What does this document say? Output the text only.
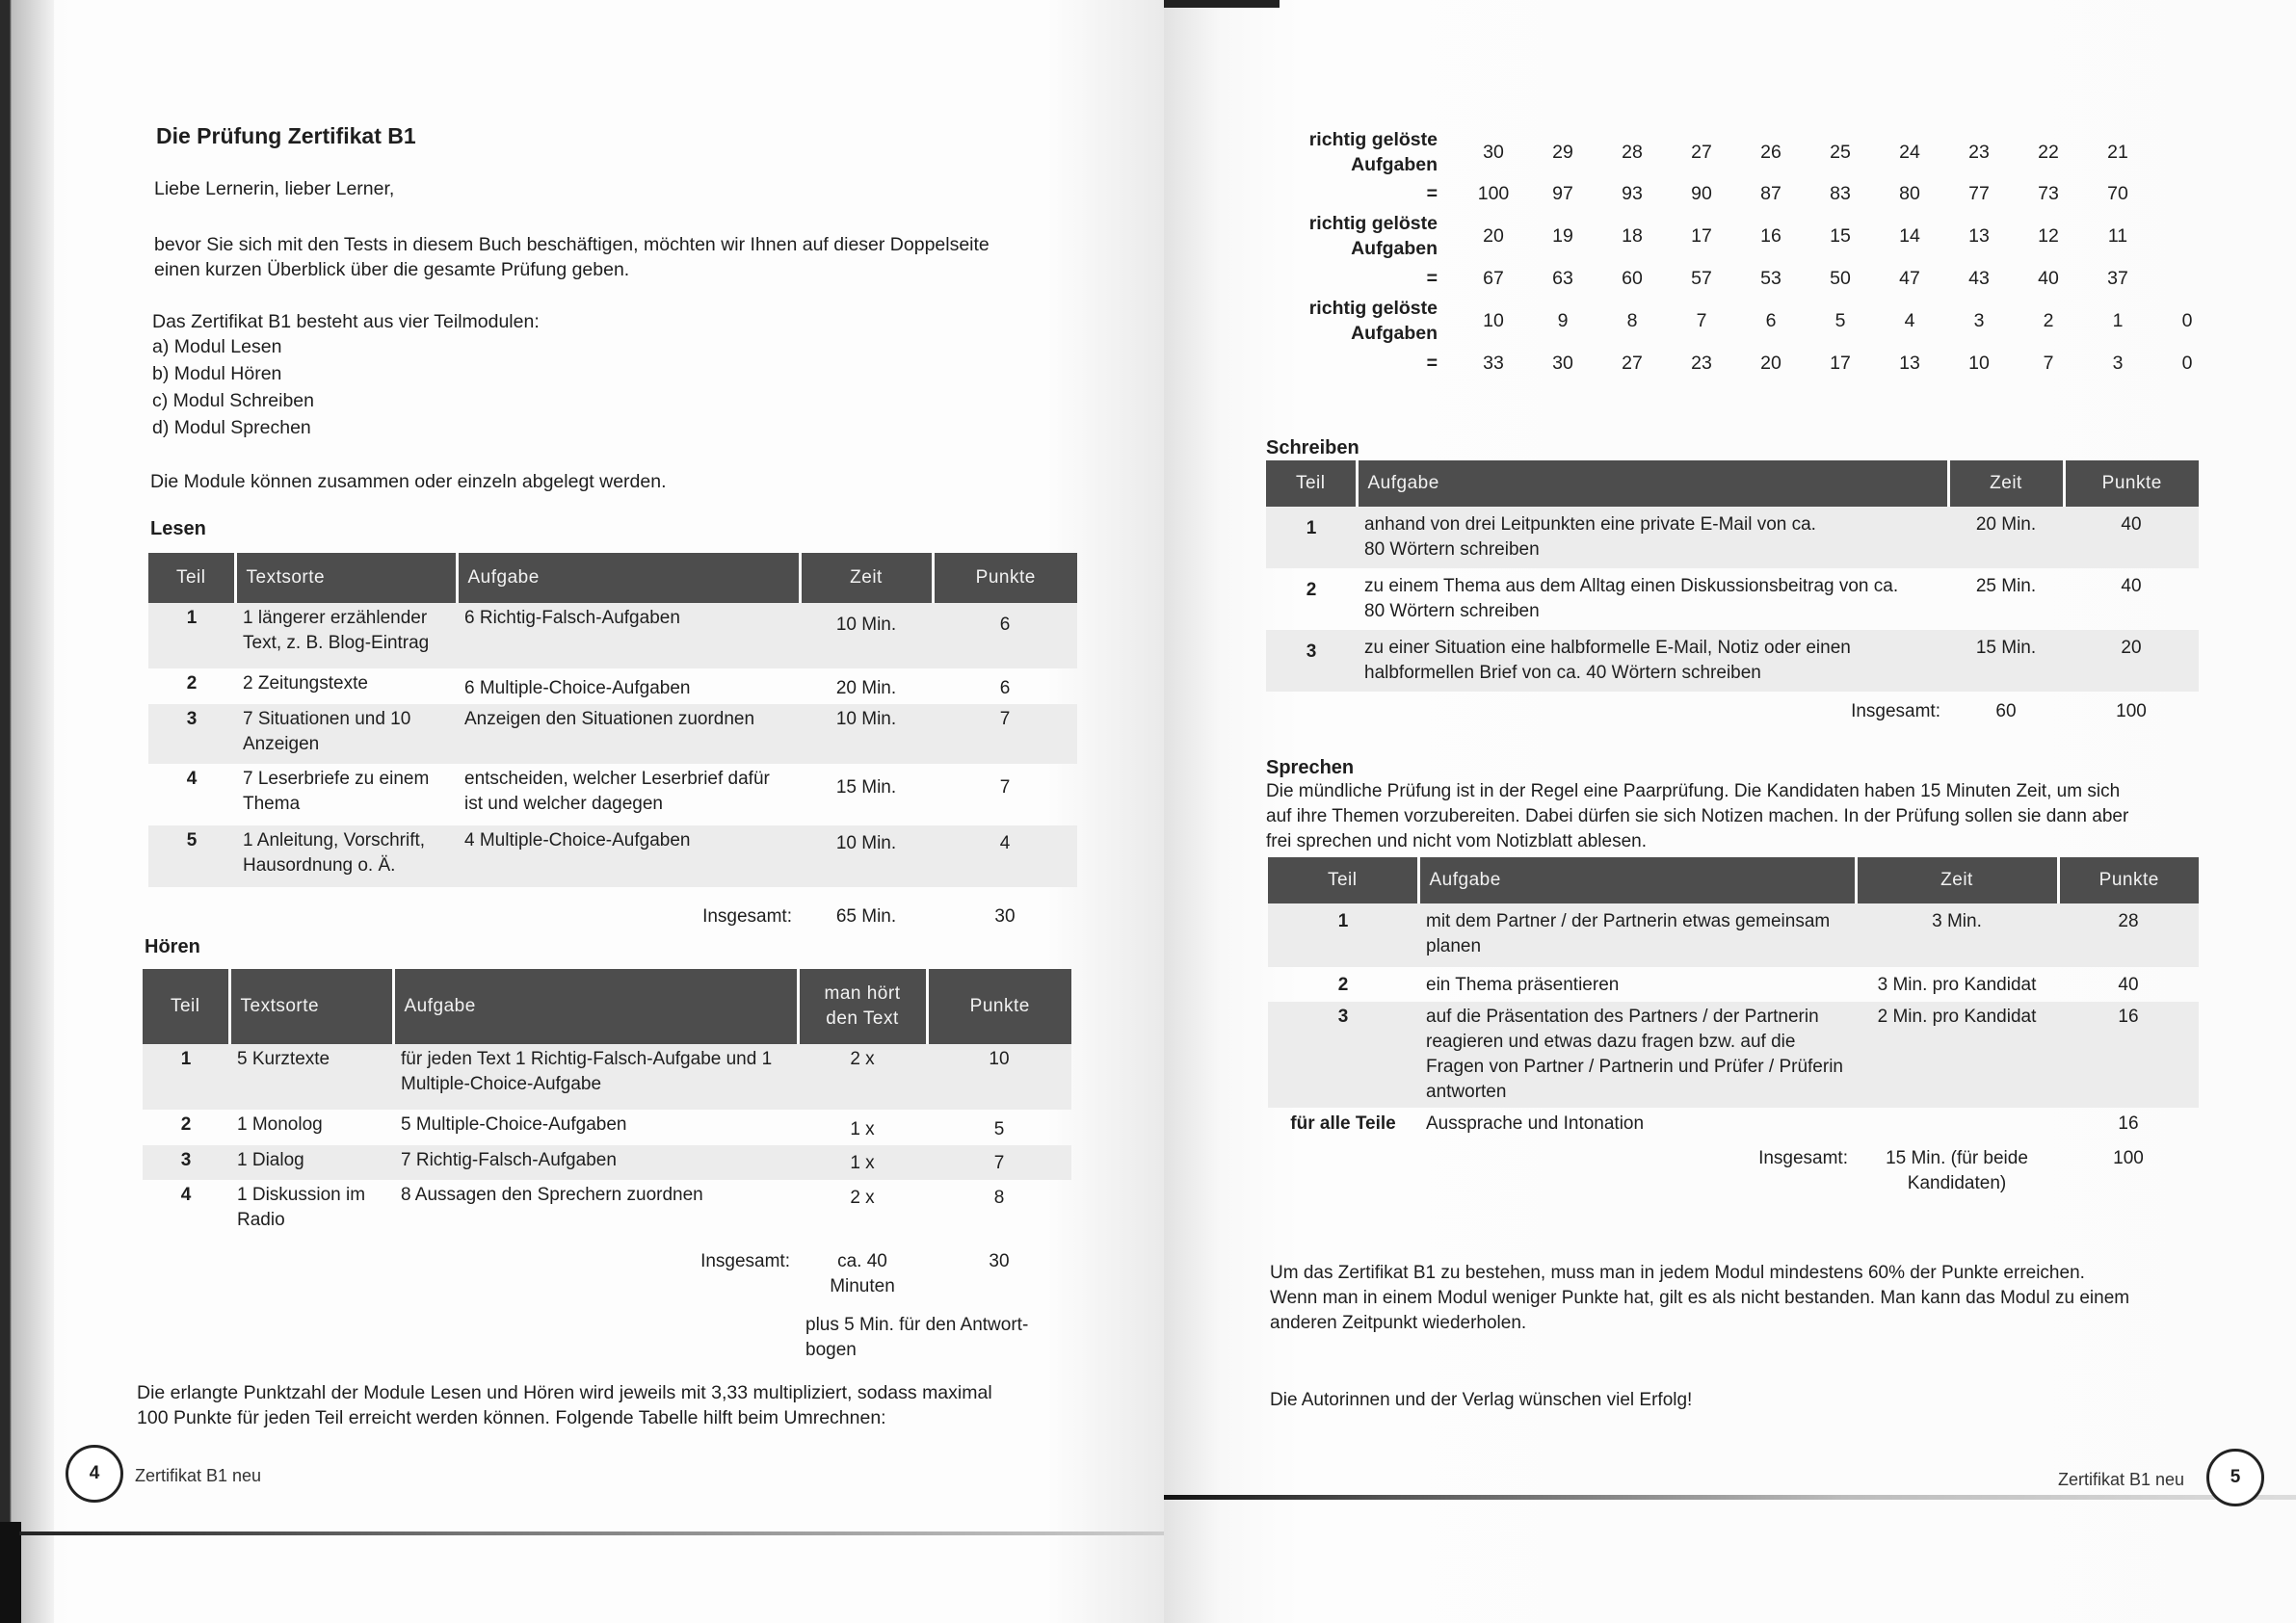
Die Prüfung Zertifikat B1
Liebe Lernerin, lieber Lerner,
bevor Sie sich mit den Tests in diesem Buch beschäftigen, möchten wir Ihnen auf dieser Doppelseite
einen kurzen Überblick über die gesamte Prüfung geben.
Das Zertifikat B1 besteht aus vier Teilmodulen:
a) Modul Lesen
b) Modul Hören
c) Modul Schreiben
d) Modul Sprechen
Die Module können zusammen oder einzeln abgelegt werden.
Lesen
Teil	Textsorte	Aufgabe	Zeit	Punkte
1	1 längerer erzählender Text, z. B. Blog-Eintrag	6 Richtig-Falsch-Aufgaben	10 Min.	6
2	2 Zeitungstexte	6 Multiple-Choice-Aufgaben	20 Min.	6
3	7 Situationen und 10 Anzeigen	Anzeigen den Situationen zuordnen	10 Min.	7
4	7 Leserbriefe zu einem Thema	entscheiden, welcher Leserbrief dafür ist und welcher dagegen	15 Min.	7
5	1 Anleitung, Vorschrift, Hausordnung o. Ä.	4 Multiple-Choice-Aufgaben	10 Min.	4
		Insgesamt:	65 Min.	30
Hören
Teil	Textsorte	Aufgabe	man hört den Text	Punkte
1	5 Kurztexte	für jeden Text 1 Richtig-Falsch-Aufgabe und 1 Multiple-Choice-Aufgabe	2 x	10
2	1 Monolog	5 Multiple-Choice-Aufgaben	1 x	5
3	1 Dialog	7 Richtig-Falsch-Aufgaben	1 x	7
4	1 Diskussion im Radio	8 Aussagen den Sprechern zuordnen	2 x	8
		Insgesamt:	ca. 40 Minuten	30
			plus 5 Min. für den Antwort-bogen	
Die erlangte Punktzahl der Module Lesen und Hören wird jeweils mit 3,33 multipliziert, sodass maximal
100 Punkte für jeden Teil erreicht werden können. Folgende Tabelle hilft beim Umrechnen:
4	Zertifikat B1 neu
richtig gelöste Aufgaben	30	29	28	27	26	25	24	23	22	21	
=	100	97	93	90	87	83	80	77	73	70	
richtig gelöste Aufgaben	20	19	18	17	16	15	14	13	12	11	
=	67	63	60	57	53	50	47	43	40	37	
richtig gelöste Aufgaben	10	9	8	7	6	5	4	3	2	1	0
=	33	30	27	23	20	17	13	10	7	3	0
Schreiben
Teil	Aufgabe	Zeit	Punkte
1	anhand von drei Leitpunkten eine private E-Mail von ca.
80 Wörtern schreiben	20 Min.	40
2	zu einem Thema aus dem Alltag einen Diskussionsbeitrag von ca.
80 Wörtern schreiben	25 Min.	40
3	zu einer Situation eine halbformelle E-Mail, Notiz oder einen
halbformellen Brief von ca. 40 Wörtern schreiben	15 Min.	20
	Insgesamt:	60	100
Sprechen
Die mündliche Prüfung ist in der Regel eine Paarprüfung. Die Kandidaten haben 15 Minuten Zeit, um sich
auf ihre Themen vorzubereiten. Dabei dürfen sie sich Notizen machen. In der Prüfung sollen sie dann aber
frei sprechen und nicht vom Notizblatt ablesen.
Teil	Aufgabe	Zeit	Punkte
1	mit dem Partner / der Partnerin etwas gemeinsam planen	3 Min.	28
2	ein Thema präsentieren	3 Min. pro Kandidat	40
3	auf die Präsentation des Partners / der Partnerin reagieren und etwas dazu fragen bzw. auf die Fragen von Partner / Partnerin und Prüfer / Prüferin antworten	2 Min. pro Kandidat	16
für alle Teile	Aussprache und Intonation		16
	Insgesamt:	15 Min. (für beide Kandidaten)	100
Um das Zertifikat B1 zu bestehen, muss man in jedem Modul mindestens 60% der Punkte erreichen.
Wenn man in einem Modul weniger Punkte hat, gilt es als nicht bestanden. Man kann das Modul zu einem
anderen Zeitpunkt wiederholen.
Die Autorinnen und der Verlag wünschen viel Erfolg!
Zertifikat B1 neu	5
